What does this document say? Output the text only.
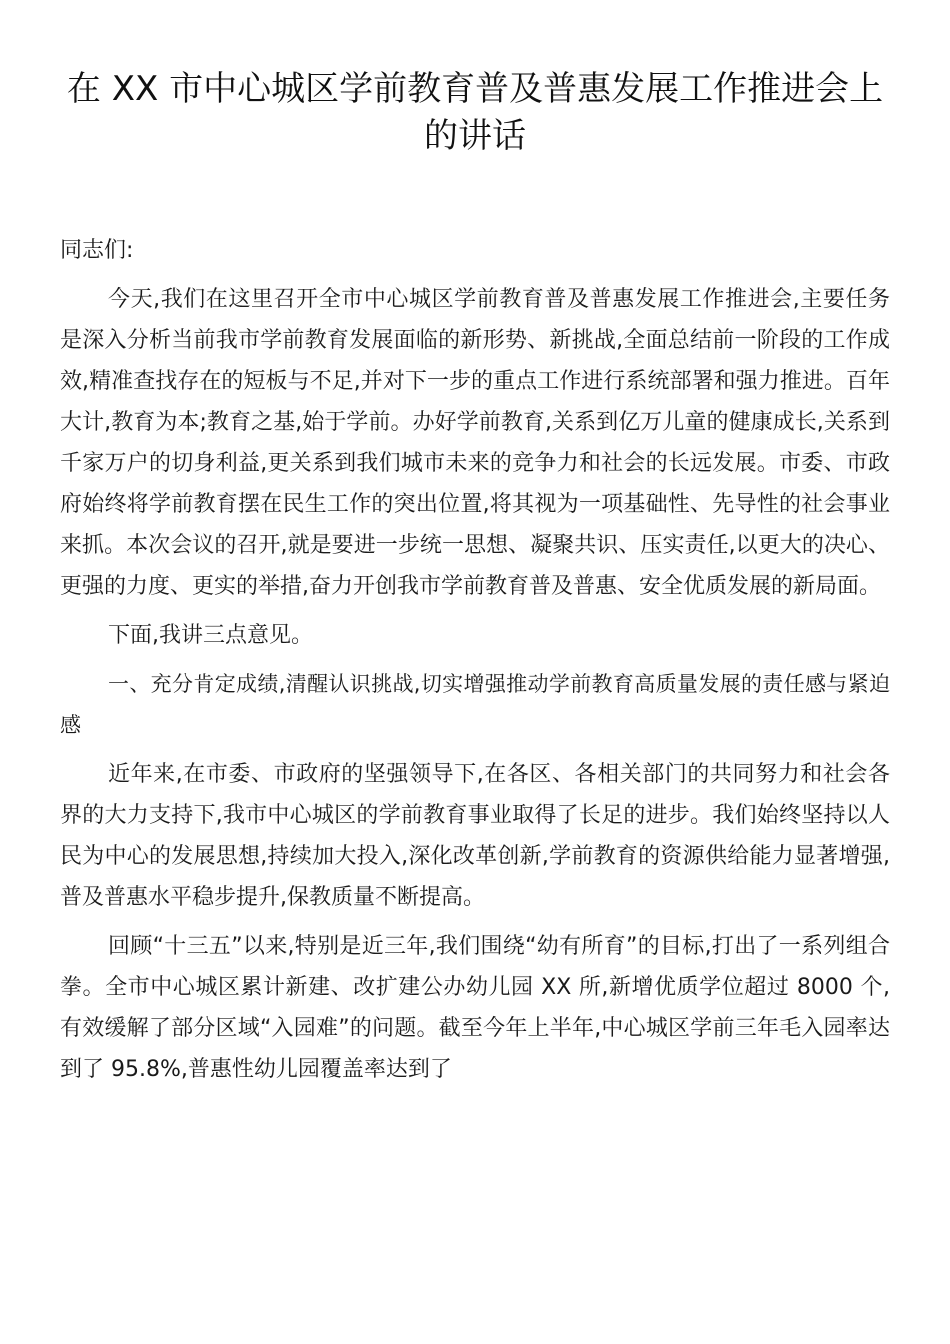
在 XX 市中心城区学前教育普及普惠发展工作推进会上的讲话

同志们:

今天,我们在这里召开全市中心城区学前教育普及普惠发展工作推进会,主要任务是深入分析当前我市学前教育发展面临的新形势、新挑战,全面总结前一阶段的工作成效,精准查找存在的短板与不足,并对下一步的重点工作进行系统部署和强力推进。百年大计,教育为本;教育之基,始于学前。办好学前教育,关系到亿万儿童的健康成长,关系到千家万户的切身利益,更关系到我们城市未来的竞争力和社会的长远发展。市委、市政府始终将学前教育摆在民生工作的突出位置,将其视为一项基础性、先导性的社会事业来抓。本次会议的召开,就是要进一步统一思想、凝聚共识、压实责任,以更大的决心、更强的力度、更实的举措,奋力开创我市学前教育普及普惠、安全优质发展的新局面。

下面,我讲三点意见。

一、充分肯定成绩,清醒认识挑战,切实增强推动学前教育高质量发展的责任感与紧迫感

近年来,在市委、市政府的坚强领导下,在各区、各相关部门的共同努力和社会各界的大力支持下,我市中心城区的学前教育事业取得了长足的进步。我们始终坚持以人民为中心的发展思想,持续加大投入,深化改革创新,学前教育的资源供给能力显著增强,普及普惠水平稳步提升,保教质量不断提高。

回顾“十三五”以来,特别是近三年,我们围绕“幼有所育”的目标,打出了一系列组合拳。全市中心城区累计新建、改扩建公办幼儿园 XX 所,新增优质学位超过 8000 个,有效缓解了部分区域“入园难”的问题。截至今年上半年,中心城区学前三年毛入园率达到了 95.8%,普惠性幼儿园覆盖率达到了
